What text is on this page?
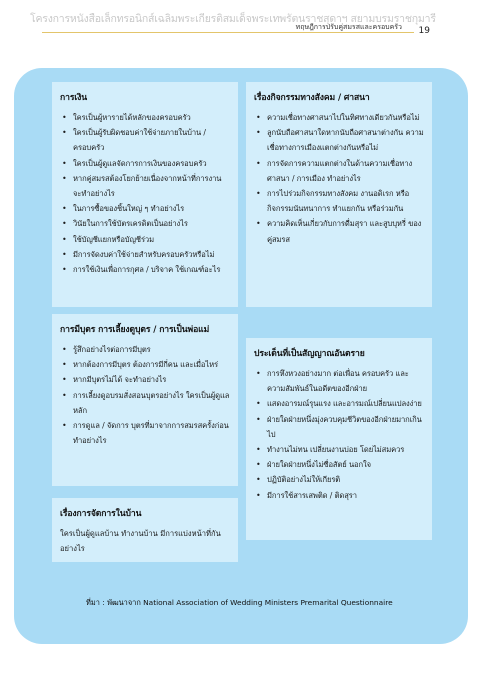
โครงการหนังสือเล็กทรอนิกส์เฉลิมพระเกียรติสมเด็จพระเทพรัตนราชสุดาฯ สยามบรมราชกุมารี
ทฤษฎีการปรับคู่สมรสและครอบครัว 19
การเงิน
• ใครเป็นผู้หารายได้หลักของครอบครัว
• ใครเป็นผู้รับผิดชอบค่าใช้จ่ายภายในบ้าน / ครอบครัว
• ใครเป็นผู้ดูแลจัดการการเงินของครอบครัว
• หากคู่สมรสต้องโยกย้ายเนื่องจากหน้าที่การงาน จะทำอย่างไร
• ในการซื้อของชิ้นใหญ่ ๆ ทำอย่างไร
• วินัยในการใช้บัตรเครดิตเป็นอย่างไร
• ใช้บัญชีแยกหรือบัญชีร่วม
• มีการจัดงบค่าใช้จ่ายสำหรับครอบครัวหรือไม่
• การใช้เงินเพื่อการกุศล / บริจาค ใช้เกณฑ์อะไร
เรื่องกิจกรรมทางสังคม / ศาสนา
• ความเชื่อทางศาสนาไปในทิศทางเดียวกันหรือไม่
• ลูกนับถือศาสนาใดหากนับถือศาสนาต่างกัน ความเชื่อทางการเมืองแตกต่างกันหรือไม่
• การจัดการความแตกต่างในด้านความเชื่อทางศาสนา / การเมือง ทำอย่างไร
• การไปร่วมกิจกรรมทางสังคม งานอดิเรก หรือกิจกรรมนันทนาการ ทำแยกกัน หรือร่วมกัน
• ความคิดเห็นเกี่ยวกับการดื่มสุรา และสูบบุหรี่ ของคู่สมรส
การมีบุตร การเลี้ยงดูบุตร / การเป็นพ่อแม่
• รู้สึกอย่างไรต่อการมีบุตร
• หากต้องการมีบุตร ต้องการมีกี่คน และเมื่อไหร่
• หากมีบุตรไม่ได้ จะทำอย่างไร
• การเลี้ยงดูอบรมสั่งสอนบุตรอย่างไร ใครเป็นผู้ดูแลหลัก
• การดูแล / จัดการ บุตรที่มาจากการสมรสครั้งก่อน ทำอย่างไร
ประเด็นที่เป็นสัญญาณอันตราย
• การหึงหวงอย่างมาก ต่อเพื่อน ครอบครัว และความสัมพันธ์ในอดีตของอีกฝ่าย
• แสดงอารมณ์รุนแรง และอารมณ์เปลี่ยนแปลงง่าย
• ฝ่ายใดฝ่ายหนึ่งมุ่งควบคุมชีวิตของอีกฝ่ายมากเกินไป
• ทำงานไม่ทน เปลี่ยนงานบ่อย โดยไม่สมควร
• ฝ่ายใดฝ่ายหนึ่งไม่ซื่อสัตย์ นอกใจ
• ปฏิบัติอย่างไม่ให้เกียรติ
• มีการใช้สารเสพติด / ติดสุรา
เรื่องการจัดการในบ้าน

ใครเป็นผู้ดูแลบ้าน ทำงานบ้าน มีการแบ่งหน้าที่กันอย่างไร

ที่มา : พัฒนาจาก National Association of Wedding Ministers Premarital Questionnaire
